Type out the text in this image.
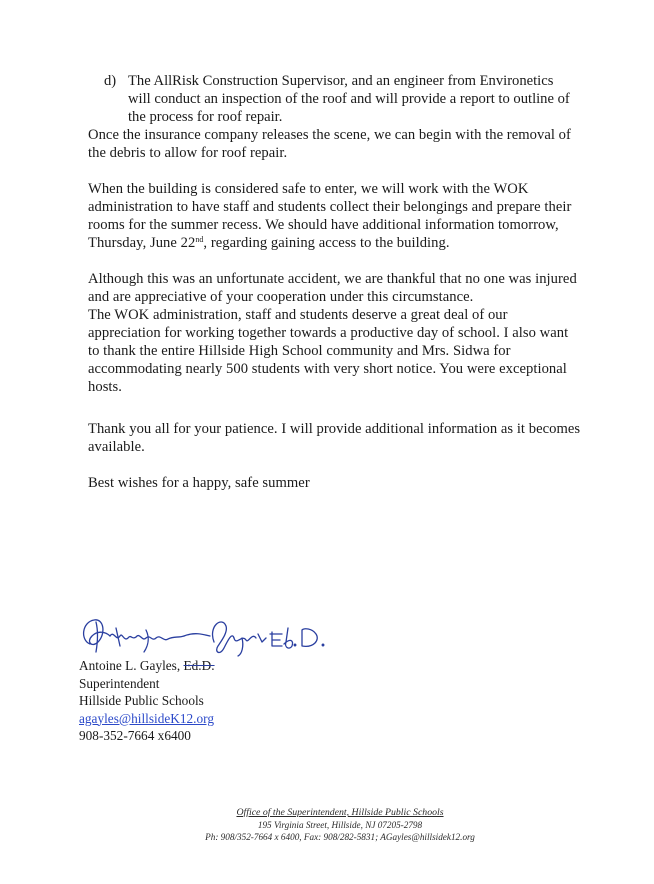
d) The AllRisk Construction Supervisor, and an engineer from Environetics will conduct an inspection of the roof and will provide a report to outline of the process for roof repair.

Once the insurance company releases the scene, we can begin with the removal of the debris to allow for roof repair.

When the building is considered safe to enter, we will work with the WOK administration to have staff and students collect their belongings and prepare their rooms for the summer recess. We should have additional information tomorrow, Thursday, June 22nd, regarding gaining access to the building.

Although this was an unfortunate accident, we are thankful that no one was injured and are appreciative of your cooperation under this circumstance.

The WOK administration, staff and students deserve a great deal of our appreciation for working together towards a productive day of school. I also want to thank the entire Hillside High School community and Mrs. Sidwa for accommodating nearly 500 students with very short notice. You were exceptional hosts.

Thank you all for your patience. I will provide additional information as it becomes available.

Best wishes for a happy, safe summer

Antoine L. Gayles, Ed.D.
Superintendent
Hillside Public Schools
agayles@hillsideK12.org
908-352-7664 x6400
Office of the Superintendent, Hillside Public Schools
195 Virginia Street, Hillside, NJ 07205-2798
Ph: 908/352-7664 x 6400, Fax: 908/282-5831; AGayles@hillsidek12.org
